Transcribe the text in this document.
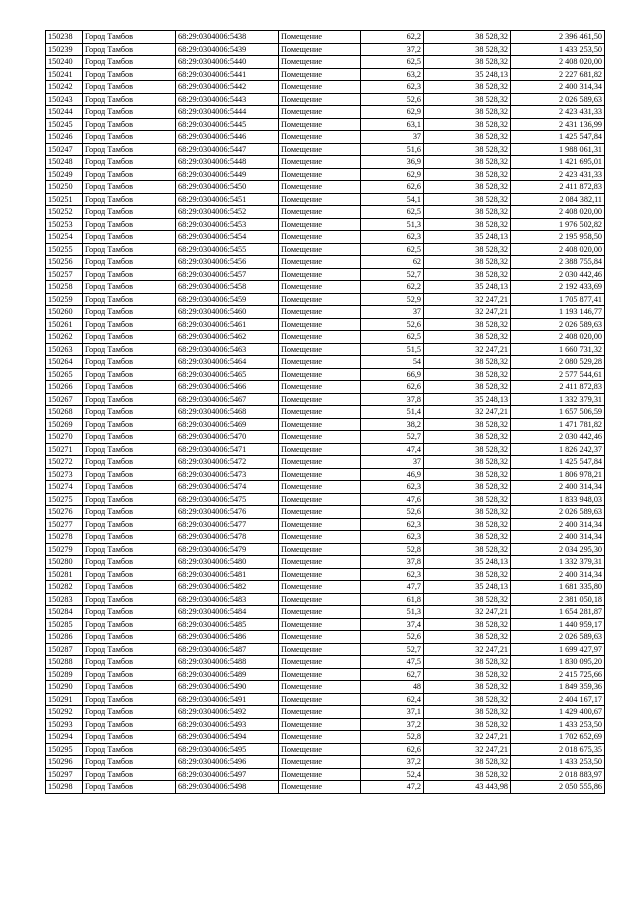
150238	Город Тамбов	68:29:0304006:5438	Помещение	62,2	38 528,32	2 396 461,50
150239	Город Тамбов	68:29:0304006:5439	Помещение	37,2	38 528,32	1 433 253,50
150240	Город Тамбов	68:29:0304006:5440	Помещение	62,5	38 528,32	2 408 020,00
150241	Город Тамбов	68:29:0304006:5441	Помещение	63,2	35 248,13	2 227 681,82
150242	Город Тамбов	68:29:0304006:5442	Помещение	62,3	38 528,32	2 400 314,34
150243	Город Тамбов	68:29:0304006:5443	Помещение	52,6	38 528,32	2 026 589,63
150244	Город Тамбов	68:29:0304006:5444	Помещение	62,9	38 528,32	2 423 431,33
150245	Город Тамбов	68:29:0304006:5445	Помещение	63,1	38 528,32	2 431 136,99
150246	Город Тамбов	68:29:0304006:5446	Помещение	37	38 528,32	1 425 547,84
150247	Город Тамбов	68:29:0304006:5447	Помещение	51,6	38 528,32	1 988 061,31
150248	Город Тамбов	68:29:0304006:5448	Помещение	36,9	38 528,32	1 421 695,01
150249	Город Тамбов	68:29:0304006:5449	Помещение	62,9	38 528,32	2 423 431,33
150250	Город Тамбов	68:29:0304006:5450	Помещение	62,6	38 528,32	2 411 872,83
150251	Город Тамбов	68:29:0304006:5451	Помещение	54,1	38 528,32	2 084 382,11
150252	Город Тамбов	68:29:0304006:5452	Помещение	62,5	38 528,32	2 408 020,00
150253	Город Тамбов	68:29:0304006:5453	Помещение	51,3	38 528,32	1 976 502,82
150254	Город Тамбов	68:29:0304006:5454	Помещение	62,3	35 248,13	2 195 958,50
150255	Город Тамбов	68:29:0304006:5455	Помещение	62,5	38 528,32	2 408 020,00
150256	Город Тамбов	68:29:0304006:5456	Помещение	62	38 528,32	2 388 755,84
150257	Город Тамбов	68:29:0304006:5457	Помещение	52,7	38 528,32	2 030 442,46
150258	Город Тамбов	68:29:0304006:5458	Помещение	62,2	35 248,13	2 192 433,69
150259	Город Тамбов	68:29:0304006:5459	Помещение	52,9	32 247,21	1 705 877,41
150260	Город Тамбов	68:29:0304006:5460	Помещение	37	32 247,21	1 193 146,77
150261	Город Тамбов	68:29:0304006:5461	Помещение	52,6	38 528,32	2 026 589,63
150262	Город Тамбов	68:29:0304006:5462	Помещение	62,5	38 528,32	2 408 020,00
150263	Город Тамбов	68:29:0304006:5463	Помещение	51,5	32 247,21	1 660 731,32
150264	Город Тамбов	68:29:0304006:5464	Помещение	54	38 528,32	2 080 529,28
150265	Город Тамбов	68:29:0304006:5465	Помещение	66,9	38 528,32	2 577 544,61
150266	Город Тамбов	68:29:0304006:5466	Помещение	62,6	38 528,32	2 411 872,83
150267	Город Тамбов	68:29:0304006:5467	Помещение	37,8	35 248,13	1 332 379,31
150268	Город Тамбов	68:29:0304006:5468	Помещение	51,4	32 247,21	1 657 506,59
150269	Город Тамбов	68:29:0304006:5469	Помещение	38,2	38 528,32	1 471 781,82
150270	Город Тамбов	68:29:0304006:5470	Помещение	52,7	38 528,32	2 030 442,46
150271	Город Тамбов	68:29:0304006:5471	Помещение	47,4	38 528,32	1 826 242,37
150272	Город Тамбов	68:29:0304006:5472	Помещение	37	38 528,32	1 425 547,84
150273	Город Тамбов	68:29:0304006:5473	Помещение	46,9	38 528,32	1 806 978,21
150274	Город Тамбов	68:29:0304006:5474	Помещение	62,3	38 528,32	2 400 314,34
150275	Город Тамбов	68:29:0304006:5475	Помещение	47,6	38 528,32	1 833 948,03
150276	Город Тамбов	68:29:0304006:5476	Помещение	52,6	38 528,32	2 026 589,63
150277	Город Тамбов	68:29:0304006:5477	Помещение	62,3	38 528,32	2 400 314,34
150278	Город Тамбов	68:29:0304006:5478	Помещение	62,3	38 528,32	2 400 314,34
150279	Город Тамбов	68:29:0304006:5479	Помещение	52,8	38 528,32	2 034 295,30
150280	Город Тамбов	68:29:0304006:5480	Помещение	37,8	35 248,13	1 332 379,31
150281	Город Тамбов	68:29:0304006:5481	Помещение	62,3	38 528,32	2 400 314,34
150282	Город Тамбов	68:29:0304006:5482	Помещение	47,7	35 248,13	1 681 335,80
150283	Город Тамбов	68:29:0304006:5483	Помещение	61,8	38 528,32	2 381 050,18
150284	Город Тамбов	68:29:0304006:5484	Помещение	51,3	32 247,21	1 654 281,87
150285	Город Тамбов	68:29:0304006:5485	Помещение	37,4	38 528,32	1 440 959,17
150286	Город Тамбов	68:29:0304006:5486	Помещение	52,6	38 528,32	2 026 589,63
150287	Город Тамбов	68:29:0304006:5487	Помещение	52,7	32 247,21	1 699 427,97
150288	Город Тамбов	68:29:0304006:5488	Помещение	47,5	38 528,32	1 830 095,20
150289	Город Тамбов	68:29:0304006:5489	Помещение	62,7	38 528,32	2 415 725,66
150290	Город Тамбов	68:29:0304006:5490	Помещение	48	38 528,32	1 849 359,36
150291	Город Тамбов	68:29:0304006:5491	Помещение	62,4	38 528,32	2 404 167,17
150292	Город Тамбов	68:29:0304006:5492	Помещение	37,1	38 528,32	1 429 400,67
150293	Город Тамбов	68:29:0304006:5493	Помещение	37,2	38 528,32	1 433 253,50
150294	Город Тамбов	68:29:0304006:5494	Помещение	52,8	32 247,21	1 702 652,69
150295	Город Тамбов	68:29:0304006:5495	Помещение	62,6	32 247,21	2 018 675,35
150296	Город Тамбов	68:29:0304006:5496	Помещение	37,2	38 528,32	1 433 253,50
150297	Город Тамбов	68:29:0304006:5497	Помещение	52,4	38 528,32	2 018 883,97
150298	Город Тамбов	68:29:0304006:5498	Помещение	47,2	43 443,98	2 050 555,86
